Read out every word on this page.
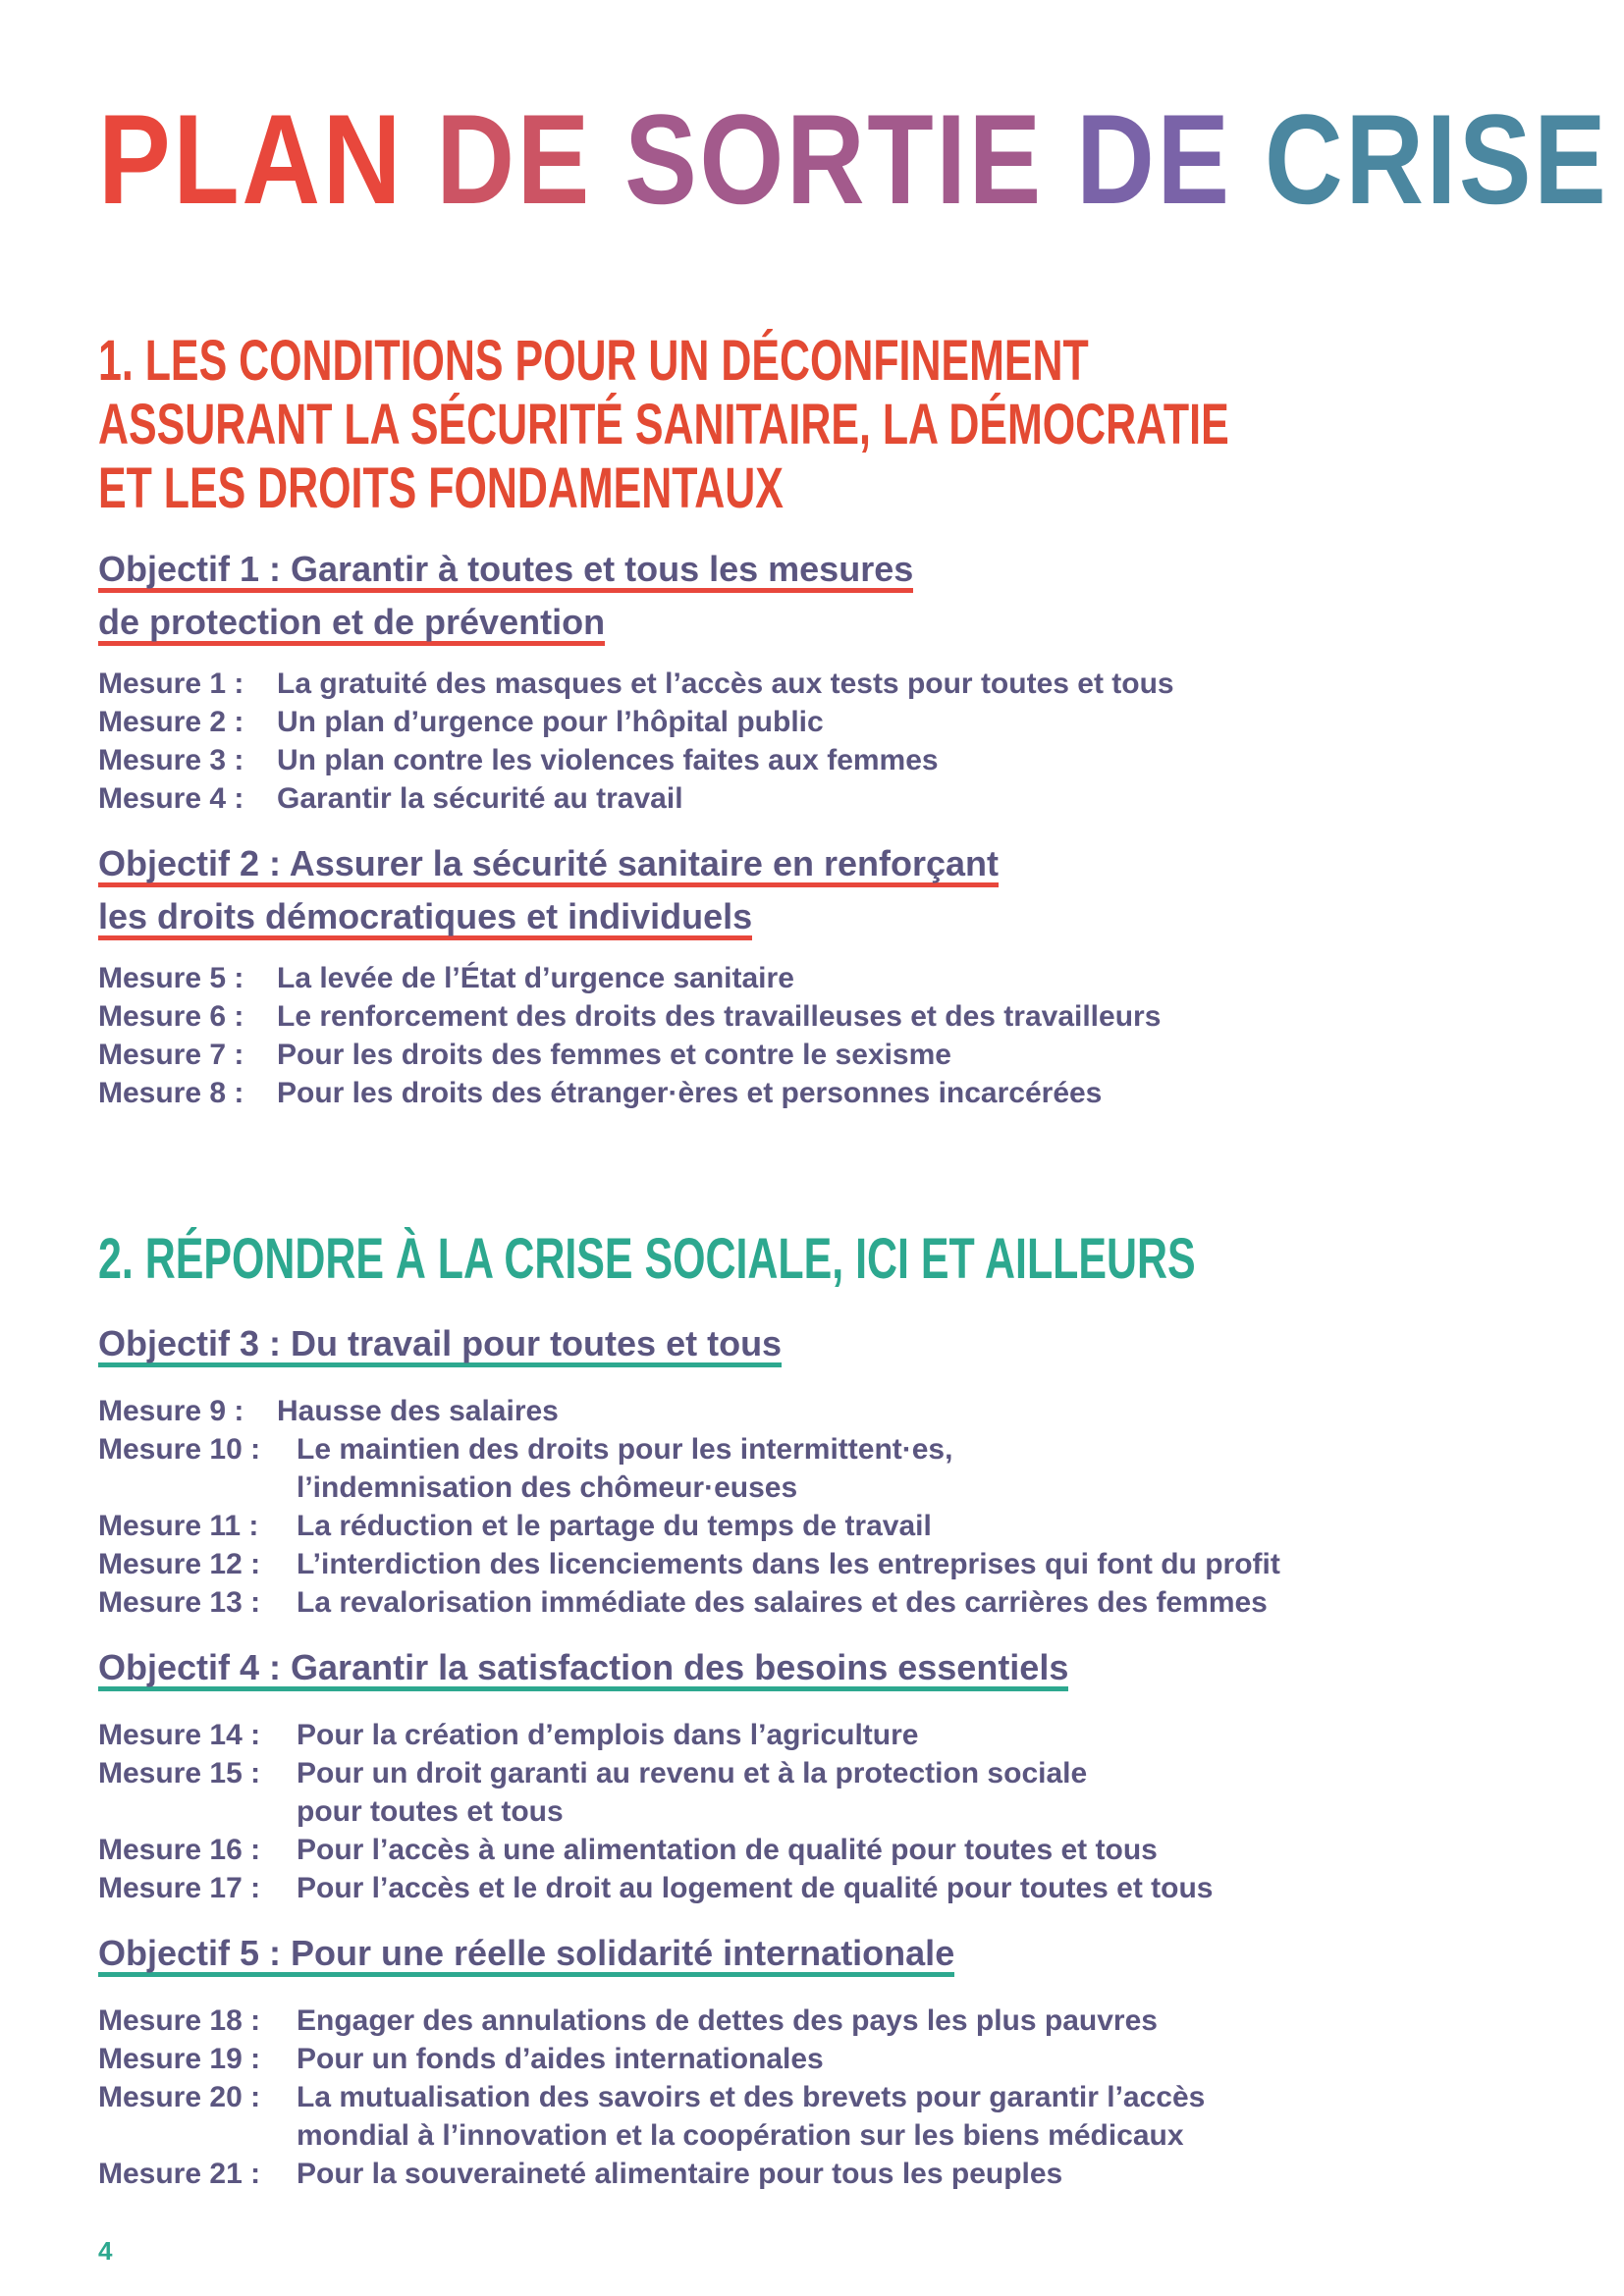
PLAN DE SORTIE DE CRISE
1. LES CONDITIONS POUR UN DÉCONFINEMENT
ASSURANT LA SÉCURITÉ SANITAIRE, LA DÉMOCRATIE
ET LES DROITS FONDAMENTAUX
Objectif 1 : Garantir à toutes et tous les mesures
de protection et de prévention
Mesure 1 :	La gratuité des masques et l’accès aux tests pour toutes et tous
Mesure 2 :	Un plan d’urgence pour l’hôpital public
Mesure 3 :	Un plan contre les violences faites aux femmes
Mesure 4 :	Garantir la sécurité au travail
Objectif 2 : Assurer la sécurité sanitaire en renforçant
les droits démocratiques et individuels
Mesure 5 :	La levée de l’État d’urgence sanitaire
Mesure 6 :	Le renforcement des droits des travailleuses et des travailleurs
Mesure 7 :	Pour les droits des femmes et contre le sexisme
Mesure 8 :	Pour les droits des étranger·ères et personnes incarcérées
2. RÉPONDRE À LA CRISE SOCIALE, ICI ET AILLEURS
Objectif 3 : Du travail pour toutes et tous
Mesure 9 :	Hausse des salaires
Mesure 10 :	Le maintien des droits pour les intermittent·es,
l’indemnisation des chômeur·euses
Mesure 11 :	La réduction et le partage du temps de travail
Mesure 12 :	L’interdiction des licenciements dans les entreprises qui font du profit
Mesure 13 :	La revalorisation immédiate des salaires et des carrières des femmes
Objectif 4 : Garantir la satisfaction des besoins essentiels
Mesure 14 :	Pour la création d’emplois dans l’agriculture
Mesure 15 :	Pour un droit garanti au revenu et à la protection sociale
pour toutes et tous
Mesure 16 :	Pour l’accès à une alimentation de qualité pour toutes et tous
Mesure 17 :	Pour l’accès et le droit au logement de qualité pour toutes et tous
Objectif 5 : Pour une réelle solidarité internationale
Mesure 18 :	Engager des annulations de dettes des pays les plus pauvres
Mesure 19 :	Pour un fonds d’aides internationales
Mesure 20 :	La mutualisation des savoirs et des brevets pour garantir l’accès
mondial à l’innovation et la coopération sur les biens médicaux
Mesure 21 :	Pour la souveraineté alimentaire pour tous les peuples
4
